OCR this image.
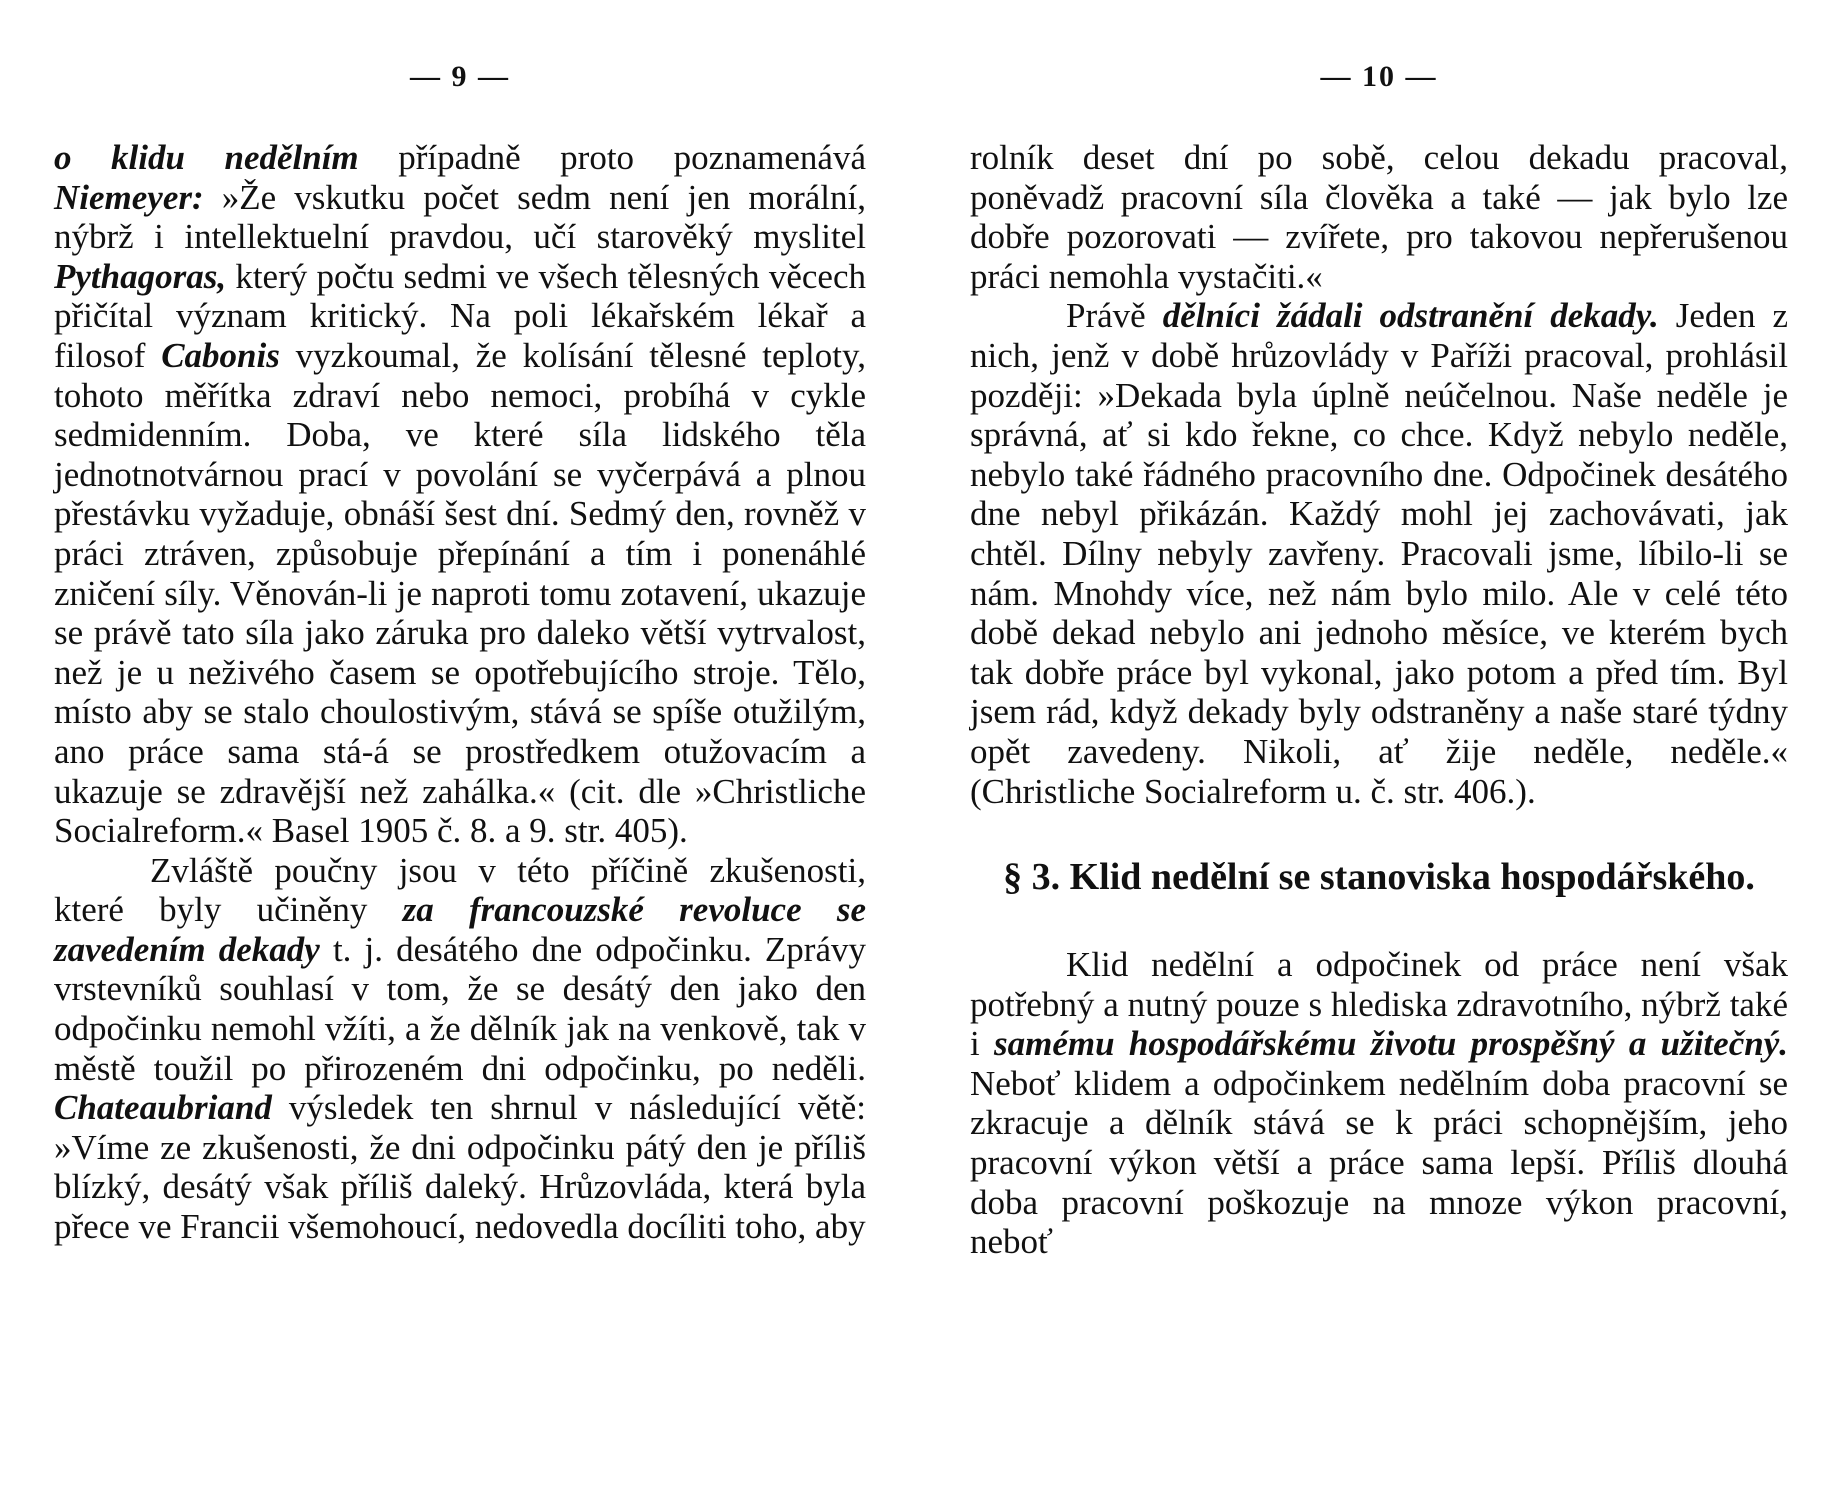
— 9 —

o klidu nedělním případně proto poznamenává Niemeyer: »Že vskutku počet sedm není jen morální, nýbrž i intellektuelní pravdou, učí starověký myslitel Pythagoras, který počtu sedmi ve všech tělesných věcech přičítal význam kritický. Na poli lékařském lékař a filosof Cabonis vyzkoumal, že kolísání tělesné teploty, tohoto měřítka zdraví nebo nemoci, probíhá v cykle sedmidenním. Doba, ve které síla lidského těla jednotnotvárnou prací v povolání se vyčerpává a plnou přestávku vyžaduje, obnáší šest dní. Sedmý den, rovněž v práci ztráven, způsobuje přepínání a tím i ponenáhlé zničení síly. Věnován-li je naproti tomu zotavení, ukazuje se právě tato síla jako záruka pro daleko větší vytrvalost, než je u neživého časem se opotřebujícího stroje. Tělo, místo aby se stalo choulostivým, stává se spíše otužilým, ano práce sama stá-á se prostředkem otužovacím a ukazuje se zdravější než zahálka.« (cit. dle »Christliche Socialreform.« Basel 1905 č. 8. a 9. str. 405).

Zvláště poučny jsou v této příčině zkušenosti, které byly učiněny za francouzské revoluce se zavedením dekady t. j. desátého dne odpočinku. Zprávy vrstevníků souhlasí v tom, že se desátý den jako den odpočinku nemohl vžíti, a že dělník jak na venkově, tak v městě toužil po přirozeném dni odpočinku, po neděli. Chateaubriand výsledek ten shrnul v následující větě: »Víme ze zkušenosti, že dni odpočinku pátý den je příliš blízký, desátý však příliš daleký. Hrůzovláda, která byla přece ve Francii všemohoucí, nedovedla docíliti toho, aby

— 10 —

rolník deset dní po sobě, celou dekadu pracoval, poněvadž pracovní síla člověka a také — jak bylo lze dobře pozorovati — zvířete, pro takovou nepřerušenou práci nemohla vystačiti.«

Právě dělníci žádali odstranění dekady. Jeden z nich, jenž v době hrůzovlády v Paříži pracoval, prohlásil později: »Dekada byla úplně neúčelnou. Naše neděle je správná, ať si kdo řekne, co chce. Když nebylo neděle, nebylo také řádného pracovního dne. Odpočinek desátého dne nebyl přikázán. Každý mohl jej zachovávati, jak chtěl. Dílny nebyly zavřeny. Pracovali jsme, líbilo-li se nám. Mnohdy více, než nám bylo milo. Ale v celé této době dekad nebylo ani jednoho měsíce, ve kterém bych tak dobře práce byl vykonal, jako potom a před tím. Byl jsem rád, když dekady byly odstraněny a naše staré týdny opět zavedeny. Nikoli, ať žije neděle, neděle.« (Christliche Socialreform u. č. str. 406.).

§ 3. Klid nedělní se stanoviska hospodářského.

Klid nedělní a odpočinek od práce není však potřebný a nutný pouze s hlediska zdravotního, nýbrž také i samému hospodářskému životu prospěšný a užitečný. Neboť klidem a odpočinkem nedělním doba pracovní se zkracuje a dělník stává se k práci schopnějším, jeho pracovní výkon větší a práce sama lepší. Příliš dlouhá doba pracovní poškozuje na mnoze výkon pracovní, neboť
